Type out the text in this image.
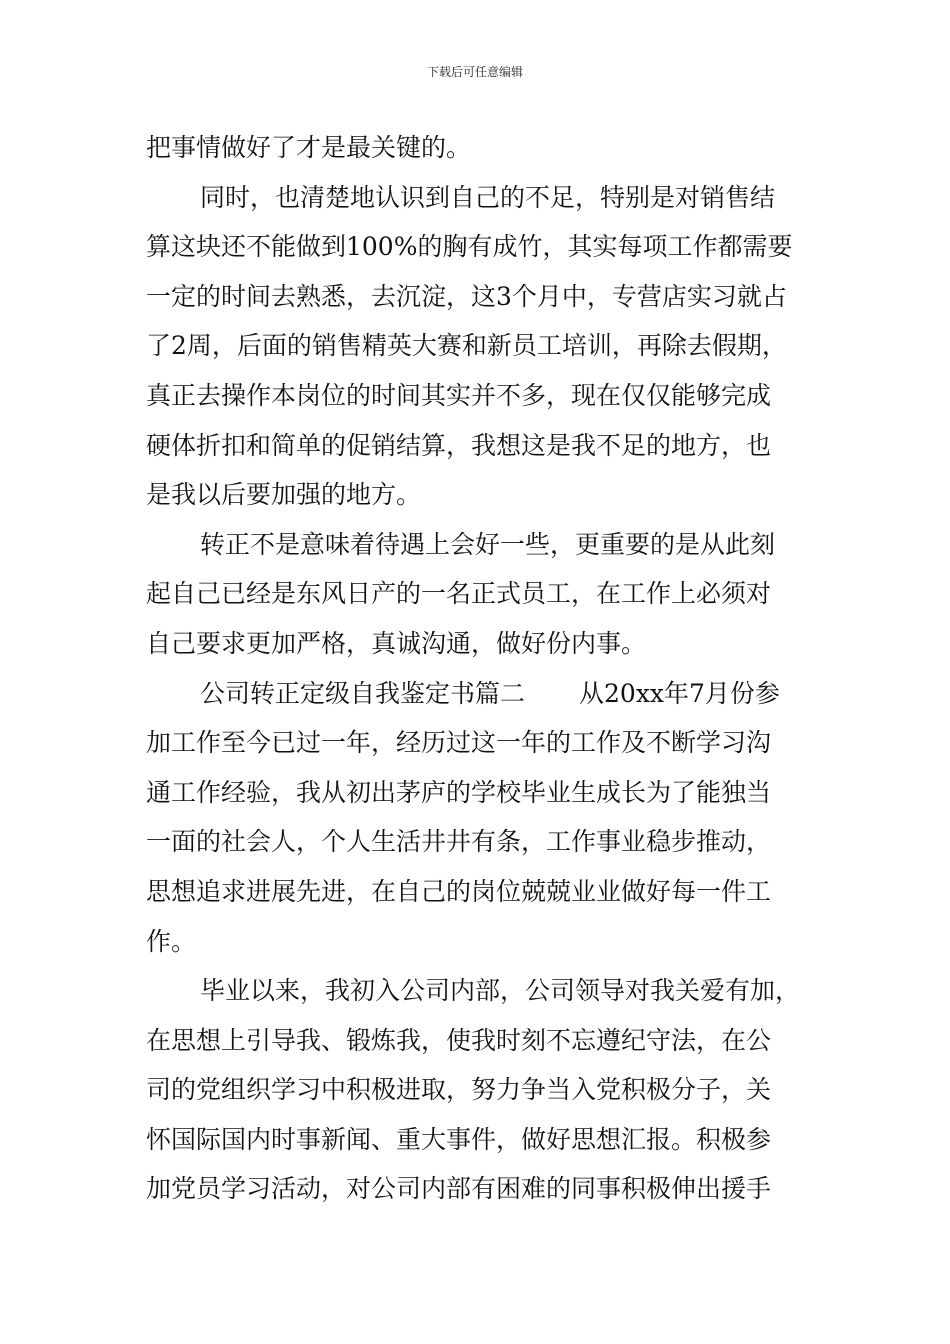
下载后可任意编辑
把事情做好了才是最关键的。
同时，也清楚地认识到自己的不足，特别是对销售结
算这块还不能做到100%的胸有成竹，其实每项工作都需要
一定的时间去熟悉，去沉淀，这3个月中，专营店实习就占
了2周，后面的销售精英大赛和新员工培训，再除去假期，
真正去操作本岗位的时间其实并不多，现在仅仅能够完成
硬体折扣和简单的促销结算，我想这是我不足的地方，也
是我以后要加强的地方。
转正不是意味着待遇上会好一些，更重要的是从此刻
起自己已经是东风日产的一名正式员工，在工作上必须对
自己要求更加严格，真诚沟通，做好份内事。
公司转正定级自我鉴定书篇二 从20xx年7月份参
加工作至今已过一年，经历过这一年的工作及不断学习沟
通工作经验，我从初出茅庐的学校毕业生成长为了能独当
一面的社会人，个人生活井井有条，工作事业稳步推动，
思想追求进展先进，在自己的岗位兢兢业业做好每一件工
作。
毕业以来，我初入公司内部，公司领导对我关爱有加，
在思想上引导我、锻炼我，使我时刻不忘遵纪守法，在公
司的党组织学习中积极进取，努力争当入党积极分子，关
怀国际国内时事新闻、重大事件，做好思想汇报。积极参
加党员学习活动，对公司内部有困难的同事积极伸出援手
